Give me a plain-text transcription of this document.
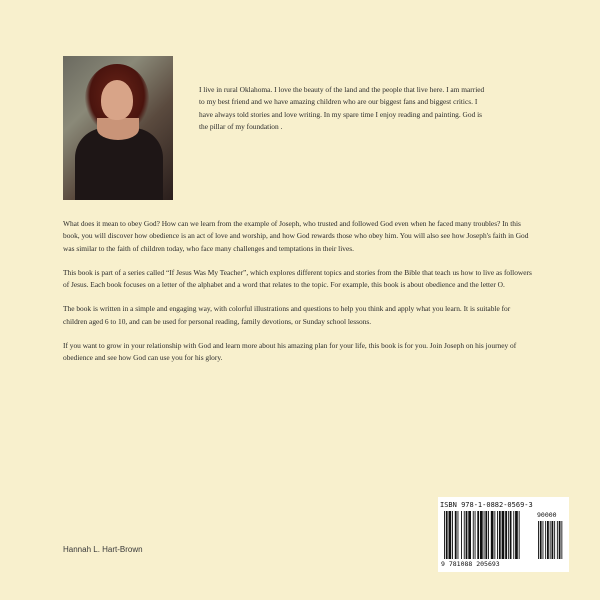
I live in rural Oklahoma. I love the beauty of the land and the people that live here. I am married to my best friend and we have amazing children who are our biggest fans and biggest critics. I have always told stories and love writing. In my spare time I enjoy reading and painting. God is the pillar of my foundation .

What does it mean to obey God? How can we learn from the example of Joseph, who trusted and followed God even when he faced many troubles? In this book, you will discover how obedience is an act of love and worship, and how God rewards those who obey him. You will also see how Joseph's faith in God was similar to the faith of children today, who face many challenges and temptations in their lives.

This book is part of a series called “If Jesus Was My Teacher”, which explores different topics and stories from the Bible that teach us how to live as followers of Jesus. Each book focuses on a letter of the alphabet and a word that relates to the topic. For example, this book is about obedience and the letter O.

The book is written in a simple and engaging way, with colorful illustrations and questions to help you think and apply what you learn. It is suitable for children aged 6 to 10, and can be used for personal reading, family devotions, or Sunday school lessons.

If you want to grow in your relationship with God and learn more about his amazing plan for your life, this book is for you. Join Joseph on his journey of obedience and see how God can use you for his glory.

Hannah L. Hart-Brown
ISBN 978-1-0882-0569-3
90000
9 781088 205693
